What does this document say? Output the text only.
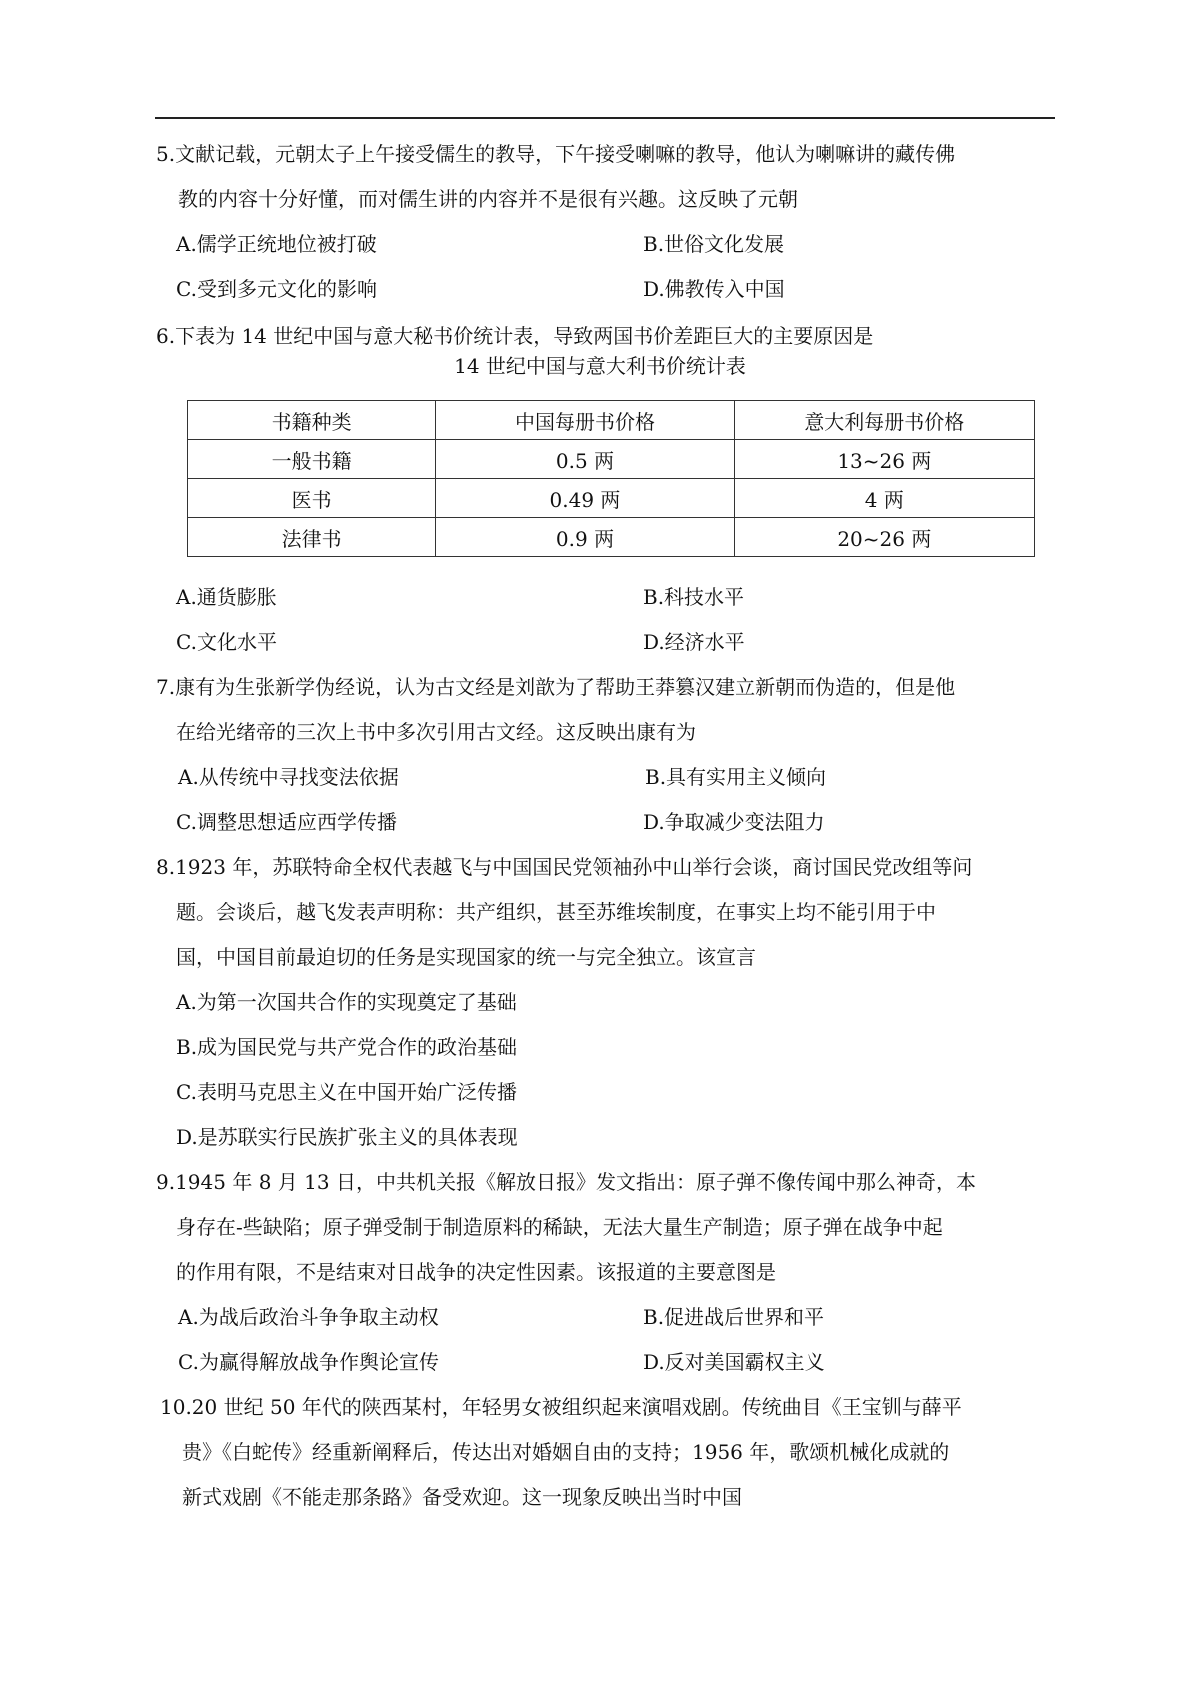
5.文献记载，元朝太子上午接受儒生的教导，下午接受喇嘛的教导，他认为喇嘛讲的藏传佛
教的内容十分好懂，而对儒生讲的内容并不是很有兴趣。这反映了元朝
A.儒学正统地位被打破	B.世俗文化发展
C.受到多元文化的影响	D.佛教传入中国
6.下表为 14 世纪中国与意大秘书价统计表，导致两国书价差距巨大的主要原因是
14 世纪中国与意大利书价统计表
书籍种类	中国每册书价格	意大利每册书价格
一般书籍	0.5 两	13~26 两
医书	0.49 两	4 两
法律书	0.9 两	20~26 两
A.通货膨胀	B.科技水平
C.文化水平	D.经济水平
7.康有为生张新学伪经说，认为古文经是刘歆为了帮助王莽篡汉建立新朝而伪造的，但是他
在给光绪帝的三次上书中多次引用古文经。这反映出康有为
A.从传统中寻找变法依据	B.具有实用主义倾向
C.调整思想适应西学传播	D.争取减少变法阻力
8.1923 年，苏联特命全权代表越飞与中国国民党领袖孙中山举行会谈，商讨国民党改组等问
题。会谈后，越飞发表声明称：共产组织，甚至苏维埃制度，在事实上均不能引用于中
国，中国目前最迫切的任务是实现国家的统一与完全独立。该宣言
A.为第一次国共合作的实现奠定了基础
B.成为国民党与共产党合作的政治基础
C.表明马克思主义在中国开始广泛传播
D.是苏联实行民族扩张主义的具体表现
9.1945 年 8 月 13 日，中共机关报《解放日报》发文指出：原子弹不像传闻中那么神奇，本
身存在-些缺陷；原子弹受制于制造原料的稀缺，无法大量生产制造；原子弹在战争中起
的作用有限，不是结束对日战争的决定性因素。该报道的主要意图是
A.为战后政治斗争争取主动权	B.促进战后世界和平
C.为赢得解放战争作舆论宣传	D.反对美国霸权主义
10.20 世纪 50 年代的陕西某村，年轻男女被组织起来演唱戏剧。传统曲目《王宝钏与薛平
贵》《白蛇传》经重新阐释后，传达出对婚姻自由的支持；1956 年，歌颂机械化成就的
新式戏剧《不能走那条路》备受欢迎。这一现象反映出当时中国
